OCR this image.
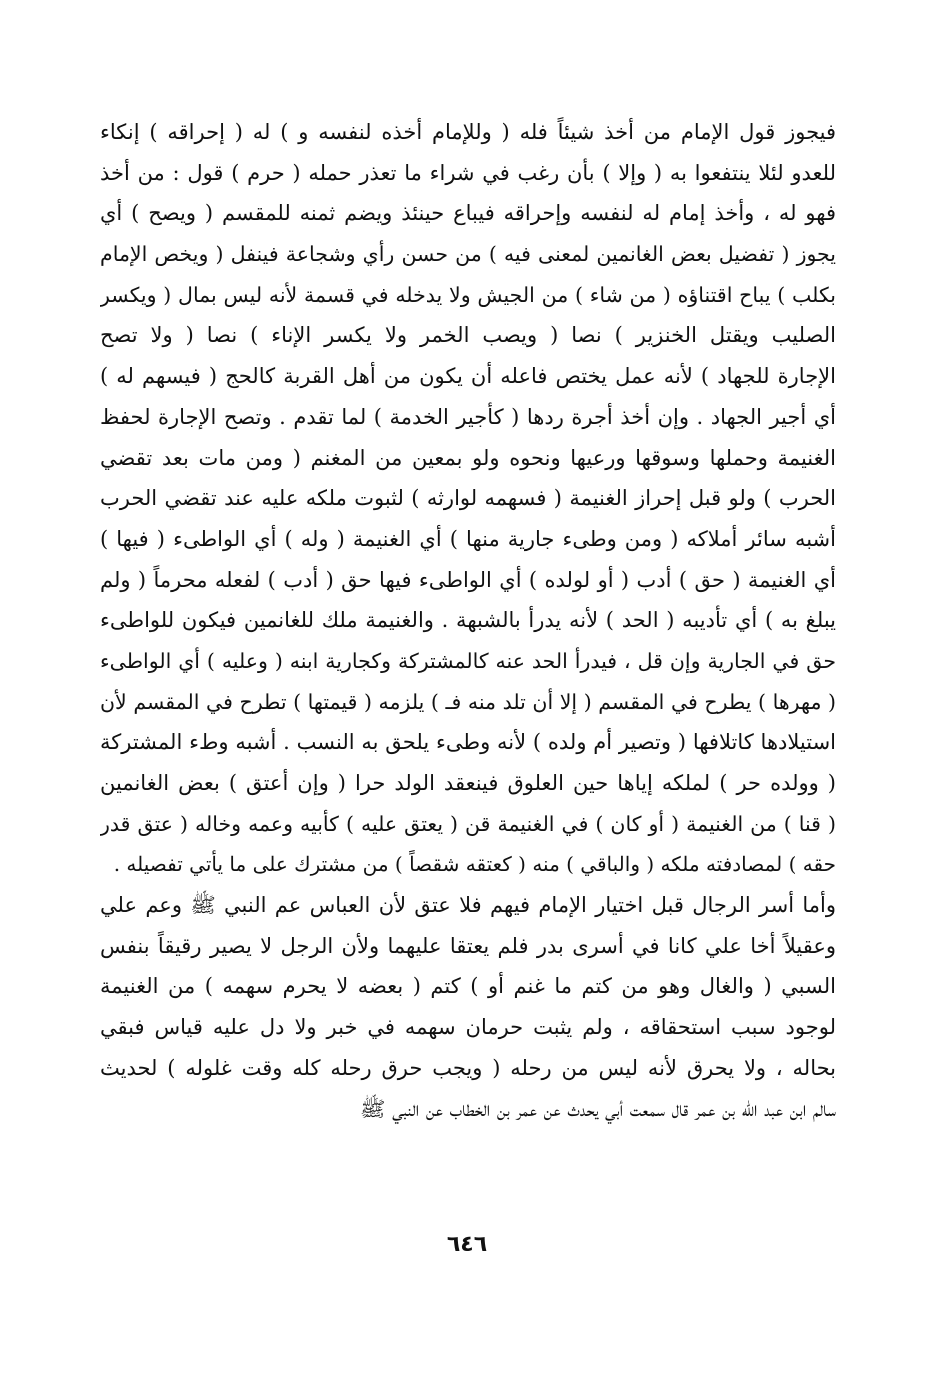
فيجوز قول الإمام من أخذ شيئاً فله ( وللإمام أخذه لنفسه و ) له ( إحراقه ) إنكاء
للعدو لئلا ينتفعوا به ( وإلا ) بأن رغب في شراء ما تعذر حمله ( حرم ) قول : من أخذ
فهو له ، وأخذ إمام له لنفسه وإحراقه فيباع حينئذ ويضم ثمنه للمقسم ( ويصح ) أي
يجوز ( تفضيل بعض الغانمين لمعنى فيه ) من حسن رأي وشجاعة فينفل ( ويخص الإمام
بكلب ) يباح اقتناؤه ( من شاء ) من الجيش ولا يدخله في قسمة لأنه ليس بمال ( ويكسر
الصليب ويقتل الخنزير ) نصا ( ويصب الخمر ولا يكسر الإناء ) نصا ( ولا تصح
الإجارة للجهاد ) لأنه عمل يختص فاعله أن يكون من أهل القربة كالحج ( فيسهم له )
أي أجير الجهاد . وإن أخذ أجرة ردها ( كأجير الخدمة ) لما تقدم . وتصح الإجارة لحفظ
الغنيمة وحملها وسوقها ورعيها ونحوه ولو بمعين من المغنم ( ومن مات بعد تقضي
الحرب ) ولو قبل إحراز الغنيمة ( فسهمه لوارثه ) لثبوت ملكه عليه عند تقضي الحرب
أشبه سائر أملاكه ( ومن وطىء جارية منها ) أي الغنيمة ( وله ) أي الواطىء ( فيها )
أي الغنيمة ( حق ) أدب ( أو لولده ) أي الواطىء فيها حق ( أدب ) لفعله محرماً ( ولم
يبلغ به ) أي تأديبه ( الحد ) لأنه يدرأ بالشبهة . والغنيمة ملك للغانمين فيكون للواطىء
حق في الجارية وإن قل ، فيدرأ الحد عنه كالمشتركة وكجارية ابنه ( وعليه ) أي الواطىء
( مهرها ) يطرح في المقسم ( إلا أن تلد منه فـ ) يلزمه ( قيمتها ) تطرح في المقسم لأن
استيلادها كاتلافها ( وتصير أم ولده ) لأنه وطىء يلحق به النسب . أشبه وطء المشتركة
( وولده حر ) لملكه إياها حين العلوق فينعقد الولد حرا ( وإن أعتق ) بعض الغانمين
( قنا ) من الغنيمة ( أو كان ) في الغنيمة قن ( يعتق عليه ) كأبيه وعمه وخاله ( عتق قدر
حقه ) لمصادفته ملكه ( والباقي ) منه ( كعتقه شقصاً ) من مشترك على ما يأتي تفصيله .
وأما أسر الرجال قبل اختيار الإمام فيهم فلا عتق لأن العباس عم النبي ﷺ وعم علي
وعقيلاً أخا علي كانا في أسرى بدر فلم يعتقا عليهما ولأن الرجل لا يصير رقيقاً بنفس
السبي ( والغال وهو من كتم ما غنم أو ) كتم ( بعضه لا يحرم سهمه ) من الغنيمة
لوجود سبب استحقاقه ، ولم يثبت حرمان سهمه في خبر ولا دل عليه قياس فبقي
بحاله ، ولا يحرق لأنه ليس من رحله ( ويجب حرق رحله كله وقت غلوله ) لحديث
سالم ابن عبد الله بن عمر قال سمعت أبي يحدث عن عمر بن الخطاب عن النبي ﷺ
٦٤٦
